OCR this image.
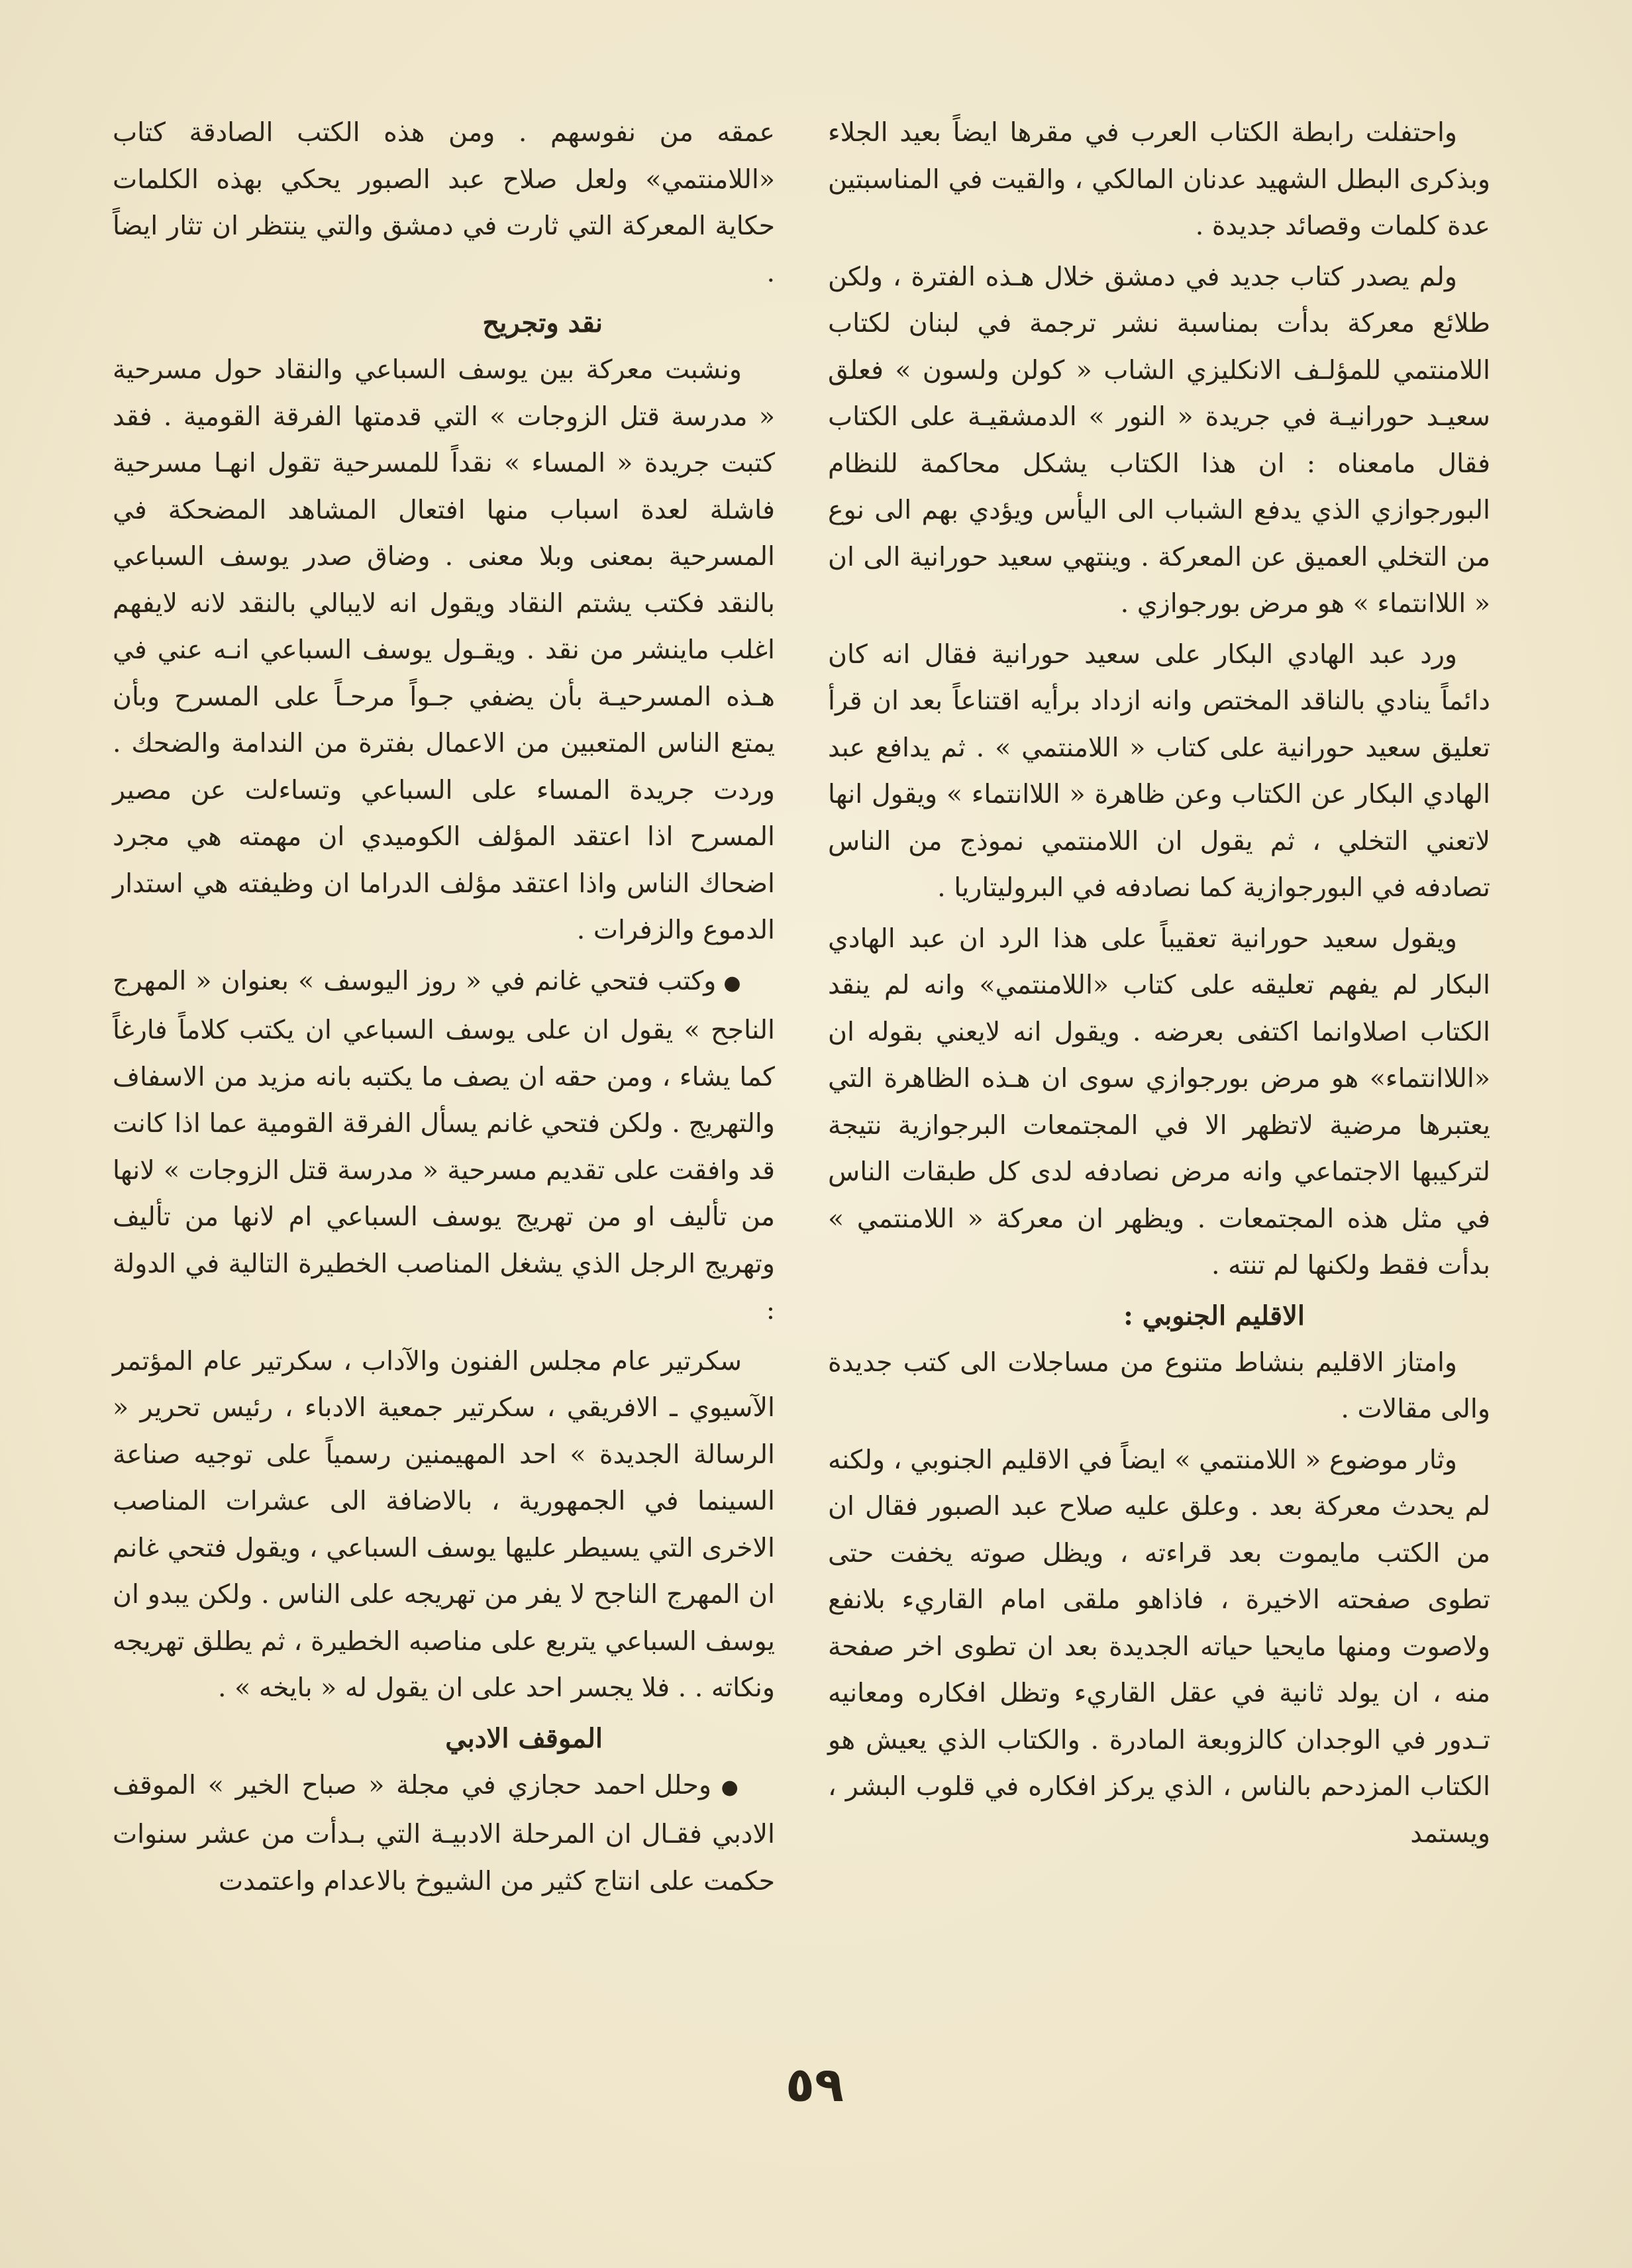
واحتفلت رابطة الكتاب العرب في مقرها ايضاً بعيد الجلاء وبذكرى البطل الشهيد عدنان المالكي ، والقيت في المناسبتين عدة كلمات وقصائد جديدة .

ولم يصدر كتاب جديد في دمشق خلال هـذه الفترة ، ولكن طلائع معركة بدأت بمناسبة نشر ترجمة في لبنان لكتاب اللامنتمي للمؤلـف الانكليزي الشاب « كولن ولسون » فعلق سعيـد حورانيـة في جريدة « النور » الدمشقيـة على الكتاب فقال مامعناه : ان هذا الكتاب يشكل محاكمة للنظام البورجوازي الذي يدفع الشباب الى اليأس ويؤدي بهم الى نوع من التخلي العميق عن المعركة . وينتهي سعيد حورانية الى ان « اللاانتماء » هو مرض بورجوازي .

ورد عبد الهادي البكار على سعيد حورانية فقال انه كان دائماً ينادي بالناقد المختص وانه ازداد برأيه اقتناعاً بعد ان قرأ تعليق سعيد حورانية على كتاب « اللامنتمي » . ثم يدافع عبد الهادي البكار عن الكتاب وعن ظاهرة « اللاانتماء » ويقول انها لاتعني التخلي ، ثم يقول ان اللامنتمي نموذج من الناس تصادفه في البورجوازية كما نصادفه في البروليتاريا .

ويقول سعيد حورانية تعقيباً على هذا الرد ان عبد الهادي البكار لم يفهم تعليقه على كتاب «اللامنتمي» وانه لم ينقد الكتاب اصلاوانما اكتفى بعرضه . ويقول انه لايعني بقوله ان «اللاانتماء» هو مرض بورجوازي سوى ان هـذه الظاهرة التي يعتبرها مرضية لاتظهر الا في المجتمعات البرجوازية نتيجة لتركيبها الاجتماعي وانه مرض نصادفه لدى كل طبقات الناس في مثل هذه المجتمعات . ويظهر ان معركة « اللامنتمي » بدأت فقط ولكنها لم تنته .

الاقليم الجنوبي :

وامتاز الاقليم بنشاط متنوع من مساجلات الى كتب جديدة والى مقالات .

وثار موضوع « اللامنتمي » ايضاً في الاقليم الجنوبي ، ولكنه لم يحدث معركة بعد . وعلق عليه صلاح عبد الصبور فقال ان من الكتب مايموت بعد قراءته ، ويظل صوته يخفت حتى تطوى صفحته الاخيرة ، فاذاهو ملقى امام القاريء بلانفع ولاصوت ومنها مايحيا حياته الجديدة بعد ان تطوى اخر صفحة منه ، ان يولد ثانية في عقل القاريء وتظل افكاره ومعانيه تـدور في الوجدان كالزوبعة المادرة . والكتاب الذي يعيش هو الكتاب المزدحم بالناس ، الذي يركز افكاره في قلوب البشر ، ويستمد

عمقه من نفوسهم . ومن هذه الكتب الصادقة كتاب «اللامنتمي» ولعل صلاح عبد الصبور يحكي بهذه الكلمات حكاية المعركة التي ثارت في دمشق والتي ينتظر ان تثار ايضاً .

نقد وتجريح

ونشبت معركة بين يوسف السباعي والنقاد حول مسرحية « مدرسة قتل الزوجات » التي قدمتها الفرقة القومية . فقد كتبت جريدة « المساء » نقداً للمسرحية تقول انهـا مسرحية فاشلة لعدة اسباب منها افتعال المشاهد المضحكة في المسرحية بمعنى وبلا معنى . وضاق صدر يوسف السباعي بالنقد فكتب يشتم النقاد ويقول انه لايبالي بالنقد لانه لايفهم اغلب ماينشر من نقد . ويقـول يوسف السباعي انـه عني في هـذه المسرحيـة بأن يضفي جـواً مرحـاً على المسرح وبأن يمتع الناس المتعبين من الاعمال بفترة من الندامة والضحك . وردت جريدة المساء على السباعي وتساءلت عن مصير المسرح اذا اعتقد المؤلف الكوميدي ان مهمته هي مجرد اضحاك الناس واذا اعتقد مؤلف الدراما ان وظيفته هي استدار الدموع والزفرات .

● وكتب فتحي غانم في « روز اليوسف » بعنوان « المهرج الناجح » يقول ان على يوسف السباعي ان يكتب كلاماً فارغاً كما يشاء ، ومن حقه ان يصف ما يكتبه بانه مزيد من الاسفاف والتهريج . ولكن فتحي غانم يسأل الفرقة القومية عما اذا كانت قد وافقت على تقديم مسرحية « مدرسة قتل الزوجات » لانها من تأليف او من تهريج يوسف السباعي ام لانها من تأليف وتهريج الرجل الذي يشغل المناصب الخطيرة التالية في الدولة :

سكرتير عام مجلس الفنون والآداب ، سكرتير عام المؤتمر الآسيوي ـ الافريقي ، سكرتير جمعية الادباء ، رئيس تحرير « الرسالة الجديدة » احد المهيمنين رسمياً على توجيه صناعة السينما في الجمهورية ، بالاضافة الى عشرات المناصب الاخرى التي يسيطر عليها يوسف السباعي ، ويقول فتحي غانم ان المهرج الناجح لا يفر من تهريجه على الناس . ولكن يبدو ان يوسف السباعي يتربع على مناصبه الخطيرة ، ثم يطلق تهريجه ونكاته . . فلا يجسر احد على ان يقول له « بايخه » .

الموقف الادبي

● وحلل احمد حجازي في مجلة « صباح الخير » الموقف الادبي فقـال ان المرحلة الادبيـة التي بـدأت من عشر سنوات حكمت على انتاج كثير من الشيوخ بالاعدام واعتمدت

٥٩
